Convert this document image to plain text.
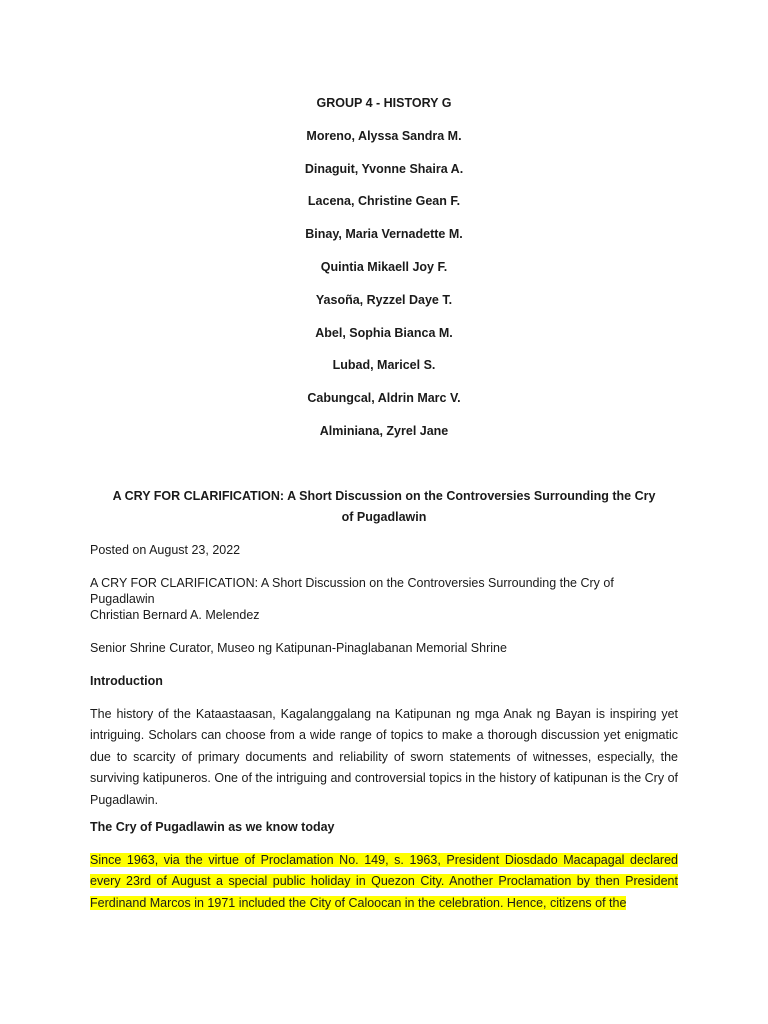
GROUP 4 - HISTORY G
Moreno, Alyssa Sandra M.
Dinaguit, Yvonne Shaira A.
Lacena, Christine Gean F.
Binay, Maria Vernadette M.
Quintia Mikaell Joy F.
Yasoña, Ryzzel Daye T.
Abel, Sophia Bianca M.
Lubad, Maricel S.
Cabungcal, Aldrin Marc V.
Alminiana, Zyrel Jane
A CRY FOR CLARIFICATION: A Short Discussion on the Controversies Surrounding the Cry of Pugadlawin
Posted on August 23, 2022
A CRY FOR CLARIFICATION: A Short Discussion on the Controversies Surrounding the Cry of Pugadlawin
Christian Bernard A. Melendez
Senior Shrine Curator, Museo ng Katipunan-Pinaglabanan Memorial Shrine
Introduction
The history of the Kataastaasan, Kagalanggalang na Katipunan ng mga Anak ng Bayan is inspiring yet intriguing. Scholars can choose from a wide range of topics to make a thorough discussion yet enigmatic due to scarcity of primary documents and reliability of sworn statements of witnesses, especially, the surviving katipuneros. One of the intriguing and controversial topics in the history of katipunan is the Cry of Pugadlawin.
The Cry of Pugadlawin as we know today
Since 1963, via the virtue of Proclamation No. 149, s. 1963, President Diosdado Macapagal declared every 23rd of August a special public holiday in Quezon City. Another Proclamation by then President Ferdinand Marcos in 1971 included the City of Caloocan in the celebration. Hence, citizens of the
